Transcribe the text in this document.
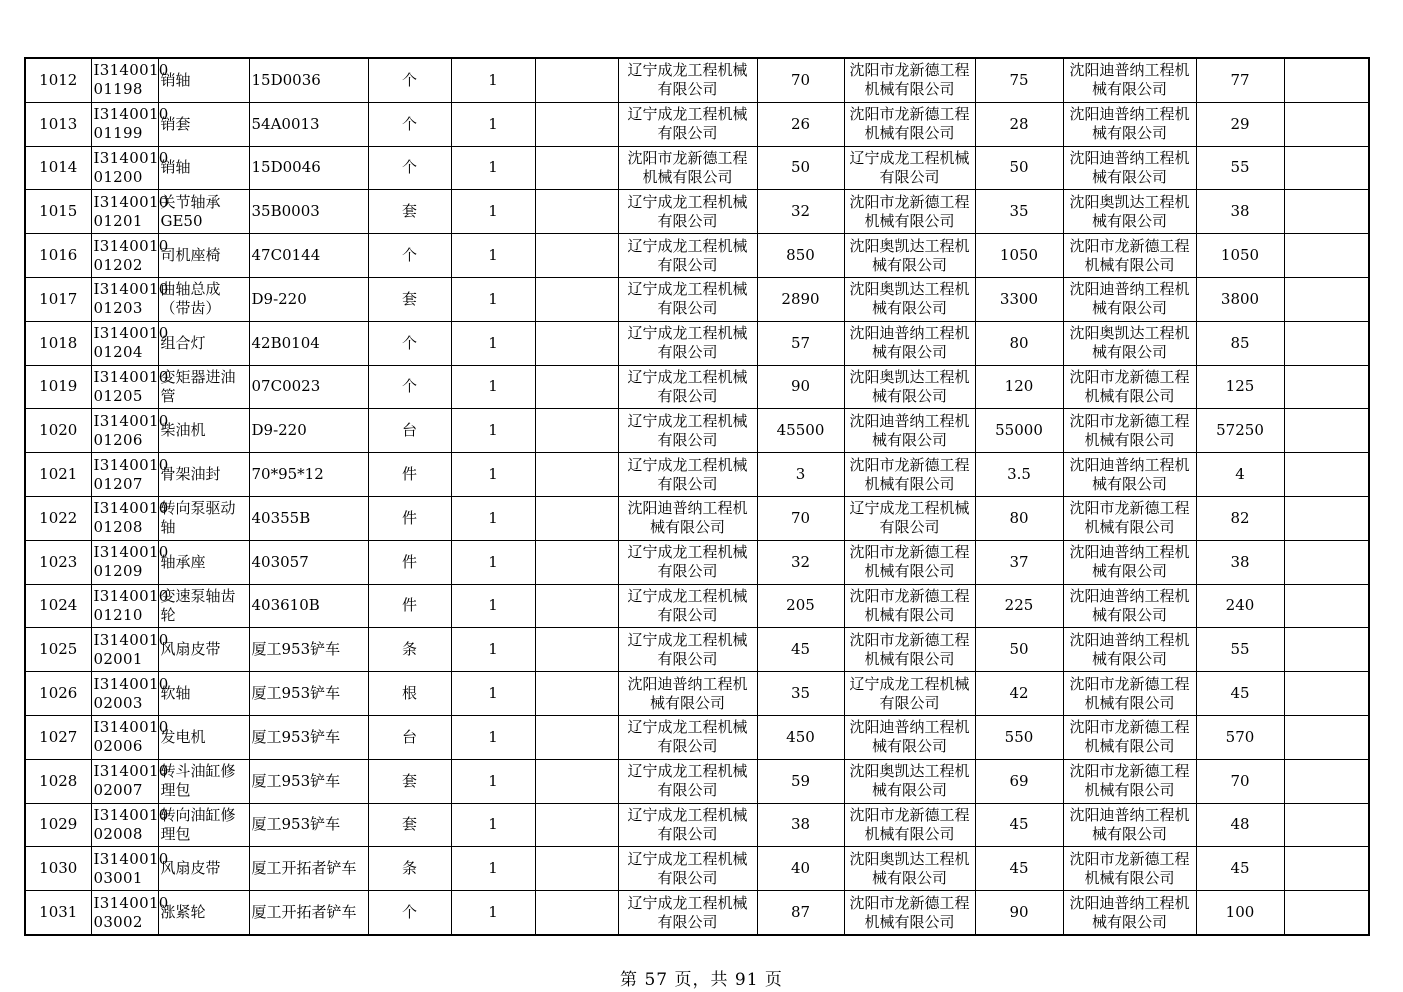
1012	I3140010 01198	销轴	15D0036	个	1		辽宁成龙工程机械有限公司	70	沈阳市龙新德工程机械有限公司	75	沈阳迪普纳工程机械有限公司	77	
1013	I3140010 01199	销套	54A0013	个	1		辽宁成龙工程机械有限公司	26	沈阳市龙新德工程机械有限公司	28	沈阳迪普纳工程机械有限公司	29	
1014	I3140010 01200	销轴	15D0046	个	1		沈阳市龙新德工程机械有限公司	50	辽宁成龙工程机械有限公司	50	沈阳迪普纳工程机械有限公司	55	
1015	I3140010 01201	关节轴承GE50	35B0003	套	1		辽宁成龙工程机械有限公司	32	沈阳市龙新德工程机械有限公司	35	沈阳奥凯达工程机械有限公司	38	
1016	I3140010 01202	司机座椅	47C0144	个	1		辽宁成龙工程机械有限公司	850	沈阳奥凯达工程机械有限公司	1050	沈阳市龙新德工程机械有限公司	1050	
1017	I3140010 01203	曲轴总成（带齿）	D9-220	套	1		辽宁成龙工程机械有限公司	2890	沈阳奥凯达工程机械有限公司	3300	沈阳迪普纳工程机械有限公司	3800	
1018	I3140010 01204	组合灯	42B0104	个	1		辽宁成龙工程机械有限公司	57	沈阳迪普纳工程机械有限公司	80	沈阳奥凯达工程机械有限公司	85	
1019	I3140010 01205	变矩器进油管	07C0023	个	1		辽宁成龙工程机械有限公司	90	沈阳奥凯达工程机械有限公司	120	沈阳市龙新德工程机械有限公司	125	
1020	I3140010 01206	柴油机	D9-220	台	1		辽宁成龙工程机械有限公司	45500	沈阳迪普纳工程机械有限公司	55000	沈阳市龙新德工程机械有限公司	57250	
1021	I3140010 01207	骨架油封	70*95*12	件	1		辽宁成龙工程机械有限公司	3	沈阳市龙新德工程机械有限公司	3.5	沈阳迪普纳工程机械有限公司	4	
1022	I3140010 01208	转向泵驱动轴	40355B	件	1		沈阳迪普纳工程机械有限公司	70	辽宁成龙工程机械有限公司	80	沈阳市龙新德工程机械有限公司	82	
1023	I3140010 01209	轴承座	403057	件	1		辽宁成龙工程机械有限公司	32	沈阳市龙新德工程机械有限公司	37	沈阳迪普纳工程机械有限公司	38	
1024	I3140010 01210	变速泵轴齿轮	403610B	件	1		辽宁成龙工程机械有限公司	205	沈阳市龙新德工程机械有限公司	225	沈阳迪普纳工程机械有限公司	240	
1025	I3140010 02001	风扇皮带	厦工953铲车	条	1		辽宁成龙工程机械有限公司	45	沈阳市龙新德工程机械有限公司	50	沈阳迪普纳工程机械有限公司	55	
1026	I3140010 02003	软轴	厦工953铲车	根	1		沈阳迪普纳工程机械有限公司	35	辽宁成龙工程机械有限公司	42	沈阳市龙新德工程机械有限公司	45	
1027	I3140010 02006	发电机	厦工953铲车	台	1		辽宁成龙工程机械有限公司	450	沈阳迪普纳工程机械有限公司	550	沈阳市龙新德工程机械有限公司	570	
1028	I3140010 02007	转斗油缸修理包	厦工953铲车	套	1		辽宁成龙工程机械有限公司	59	沈阳奥凯达工程机械有限公司	69	沈阳市龙新德工程机械有限公司	70	
1029	I3140010 02008	转向油缸修理包	厦工953铲车	套	1		辽宁成龙工程机械有限公司	38	沈阳市龙新德工程机械有限公司	45	沈阳迪普纳工程机械有限公司	48	
1030	I3140010 03001	风扇皮带	厦工开拓者铲车	条	1		辽宁成龙工程机械有限公司	40	沈阳奥凯达工程机械有限公司	45	沈阳市龙新德工程机械有限公司	45	
1031	I3140010 03002	涨紧轮	厦工开拓者铲车	个	1		辽宁成龙工程机械有限公司	87	沈阳市龙新德工程机械有限公司	90	沈阳迪普纳工程机械有限公司	100	
第 57 页，共 91 页
